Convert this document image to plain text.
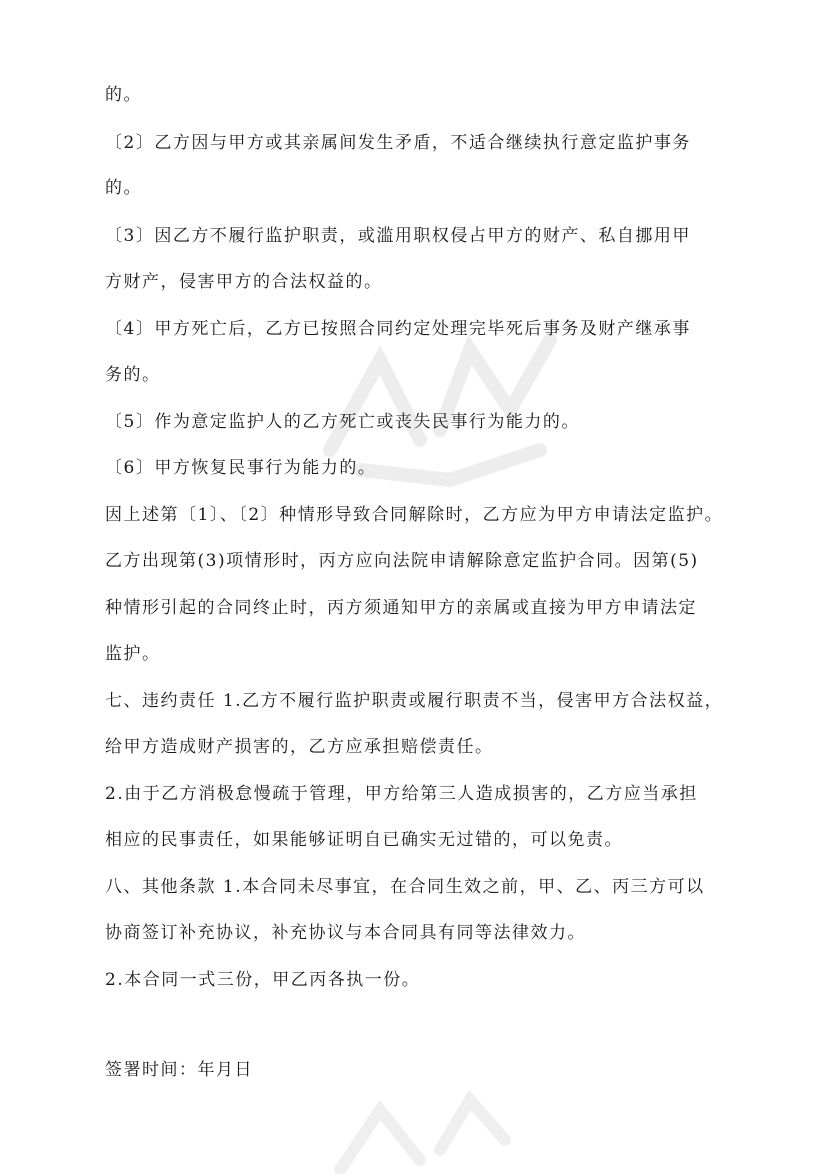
的。
〔2〕乙方因与甲方或其亲属间发生矛盾，不适合继续执行意定监护事务
的。
〔3〕因乙方不履行监护职责，或滥用职权侵占甲方的财产、私自挪用甲
方财产，侵害甲方的合法权益的。
〔4〕甲方死亡后，乙方已按照合同约定处理完毕死后事务及财产继承事
务的。
〔5〕作为意定监护人的乙方死亡或丧失民事行为能力的。
〔6〕甲方恢复民事行为能力的。
因上述第〔1〕、〔2〕种情形导致合同解除时，乙方应为甲方申请法定监护。
乙方出现第(3)项情形时，丙方应向法院申请解除意定监护合同。因第(5)
种情形引起的合同终止时，丙方须通知甲方的亲属或直接为甲方申请法定
监护。
七、违约责任 1.乙方不履行监护职责或履行职责不当，侵害甲方合法权益，
给甲方造成财产损害的，乙方应承担赔偿责任。
2.由于乙方消极怠慢疏于管理，甲方给第三人造成损害的，乙方应当承担
相应的民事责任，如果能够证明自已确实无过错的，可以免责。
八、其他条款 1.本合同未尽事宜，在合同生效之前，甲、乙、丙三方可以
协商签订补充协议，补充协议与本合同具有同等法律效力。
2.本合同一式三份，甲乙丙各执一份。
签署时间：年月日
